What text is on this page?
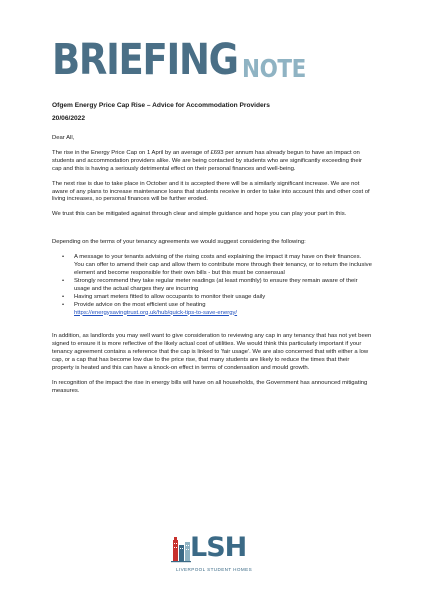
BRIEFING NOTE

Ofgem Energy Price Cap Rise – Advice for Accommodation Providers

20/06/2022

Dear All,

The rise in the Energy Price Cap on 1 April by an average of £693 per annum has already begun to have an impact on students and accommodation providers alike. We are being contacted by students who are significantly exceeding their cap and this is having a seriously detrimental effect on their personal finances and well-being.

The next rise is due to take place in October and it is accepted there will be a similarly significant increase. We are not aware of any plans to increase maintenance loans that students receive in order to take into account this and other cost of living increases, so personal finances will be further eroded.

We trust this can be mitigated against through clear and simple guidance and hope you can play your part in this.

Depending on the terms of your tenancy agreements we would suggest considering the following:

• A message to your tenants advising of the rising costs and explaining the impact it may have on their finances. You can offer to amend their cap and allow them to contribute more through their tenancy, or to return the inclusive element and become responsible for their own bills - but this must be consensual
• Strongly recommend they take regular meter readings (at least monthly) to ensure they remain aware of their usage and the actual charges they are incurring
• Having smart meters fitted to allow occupants to monitor their usage daily
• Provide advice on the most efficient use of heating
https://energysavingtrust.org.uk/hub/quick-tips-to-save-energy/

In addition, as landlords you may well want to give consideration to reviewing any cap in any tenancy that has not yet been signed to ensure it is more reflective of the likely actual cost of utilities. We would think this particularly important if your tenancy agreement contains a reference that the cap is linked to 'fair usage'. We are also concerned that with either a low cap, or a cap that has become low due to the price rise, that many students are likely to reduce the times that their property is heated and this can have a knock-on effect in terms of condensation and mould growth.

In recognition of the impact the rise in energy bills will have on all households, the Government has announced mitigating measures.

LSH
LIVERPOOL STUDENT HOMES
